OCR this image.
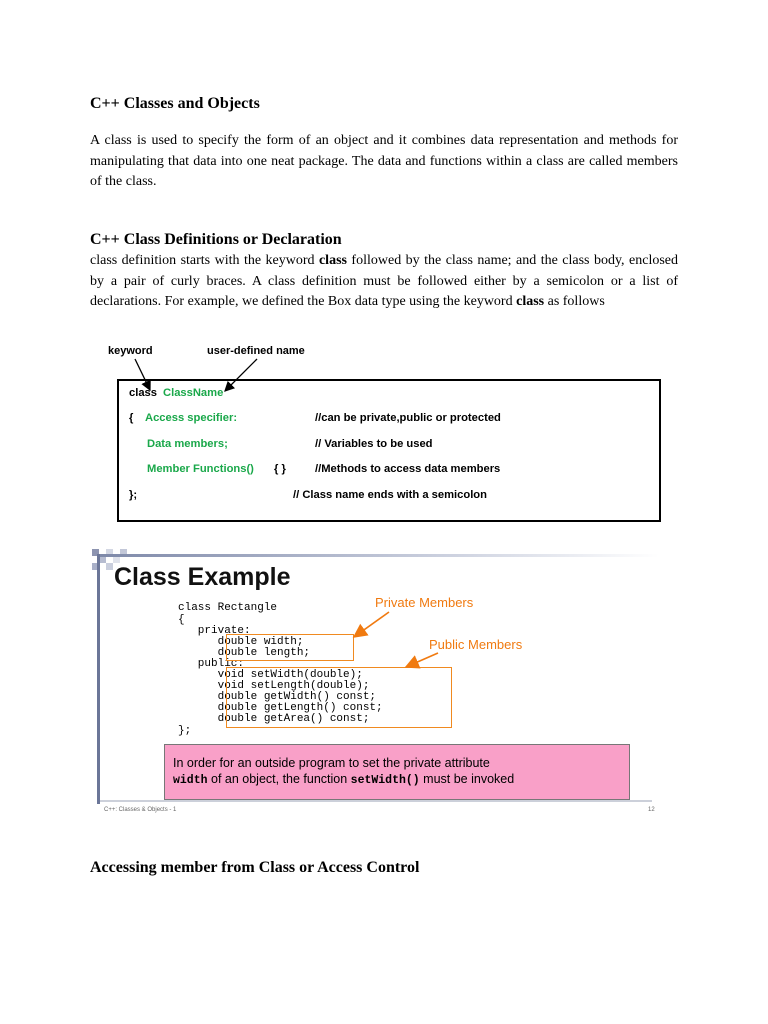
C++ Classes and Objects

A class is used to specify the form of an object and it combines data representation and methods for manipulating that data into one neat package. The data and functions within a class are called members of the class.

C++ Class Definitions or Declaration

class definition starts with the keyword class followed by the class name; and the class body, enclosed by a pair of curly braces. A class definition must be followed either by a semicolon or a list of declarations. For example, we defined the Box data type using the keyword class as follows

keyword	user-defined name
class ClassName
{ Access specifier:	//can be private,public or protected
Data members;	// Variables to be used
Member Functions() { }	//Methods to access data members
};	// Class name ends with a semicolon
Class Example
class Rectangle
{
private:
double width;
double length;
public:
void setWidth(double);
void setLength(double);
double getWidth() const;
double getLength() const;
double getArea() const;
};
Private Members
Public Members
In order for an outside program to set the private attribute
width of an object, the function setWidth() must be invoked
C++: Classes & Objects - 1	12
Accessing member from Class or Access Control
